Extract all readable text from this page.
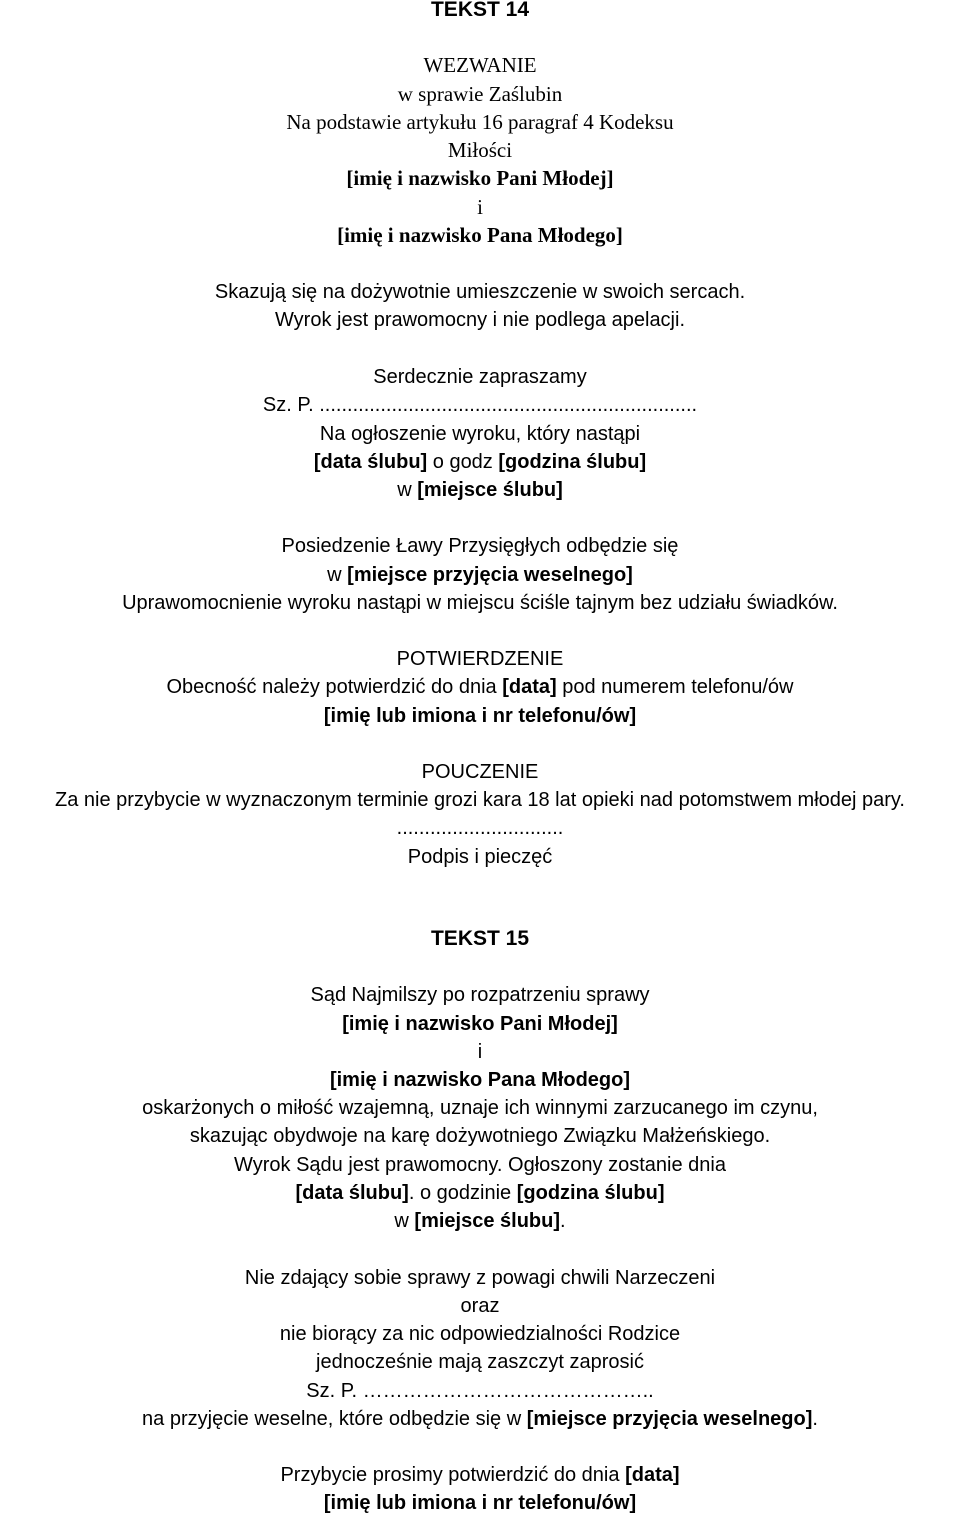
TEKST 14
WEZWANIE
w sprawie Zaślubin
Na podstawie artykułu 16 paragraf 4 Kodeksu
Miłości
[imię i nazwisko Pani Młodej]
i
[imię i nazwisko Pana Młodego]
Skazują się na dożywotnie umieszczenie w swoich sercach.
Wyrok jest prawomocny i nie podlega apelacji.
Serdecznie zapraszamy
Sz. P. ....................................................................
Na ogłoszenie wyroku, który nastąpi
[data ślubu] o godz [godzina ślubu]
w [miejsce ślubu]
Posiedzenie Ławy Przysięgłych odbędzie się
w [miejsce przyjęcia weselnego]
Uprawomocnienie wyroku nastąpi w miejscu ściśle tajnym bez udziału świadków.
POTWIERDZENIE
Obecność należy potwierdzić do dnia [data] pod numerem telefonu/ów
[imię lub imiona i nr telefonu/ów]
POUCZENIE
Za nie przybycie w wyznaczonym terminie grozi kara 18 lat opieki nad potomstwem młodej pary.
..............................
Podpis i pieczęć
TEKST 15
Sąd Najmilszy po rozpatrzeniu sprawy
[imię i nazwisko Pani Młodej]
i
[imię i nazwisko Pana Młodego]
oskarżonych o miłość wzajemną, uznaje ich winnymi zarzucanego im czynu,
skazując obydwoje na karę dożywotniego Związku Małżeńskiego.
Wyrok Sądu jest prawomocny. Ogłoszony zostanie dnia
[data ślubu]. o godzinie [godzina ślubu]
w [miejsce ślubu].
Nie zdający sobie sprawy z powagi chwili Narzeczeni
oraz
nie biorący za nic odpowiedzialności Rodzice
jednocześnie mają zaszczyt zaprosić
Sz. P. ……………………………………..
na przyjęcie weselne, które odbędzie się w [miejsce przyjęcia weselnego].
Przybycie prosimy potwierdzić do dnia [data]
[imię lub imiona i nr telefonu/ów]
